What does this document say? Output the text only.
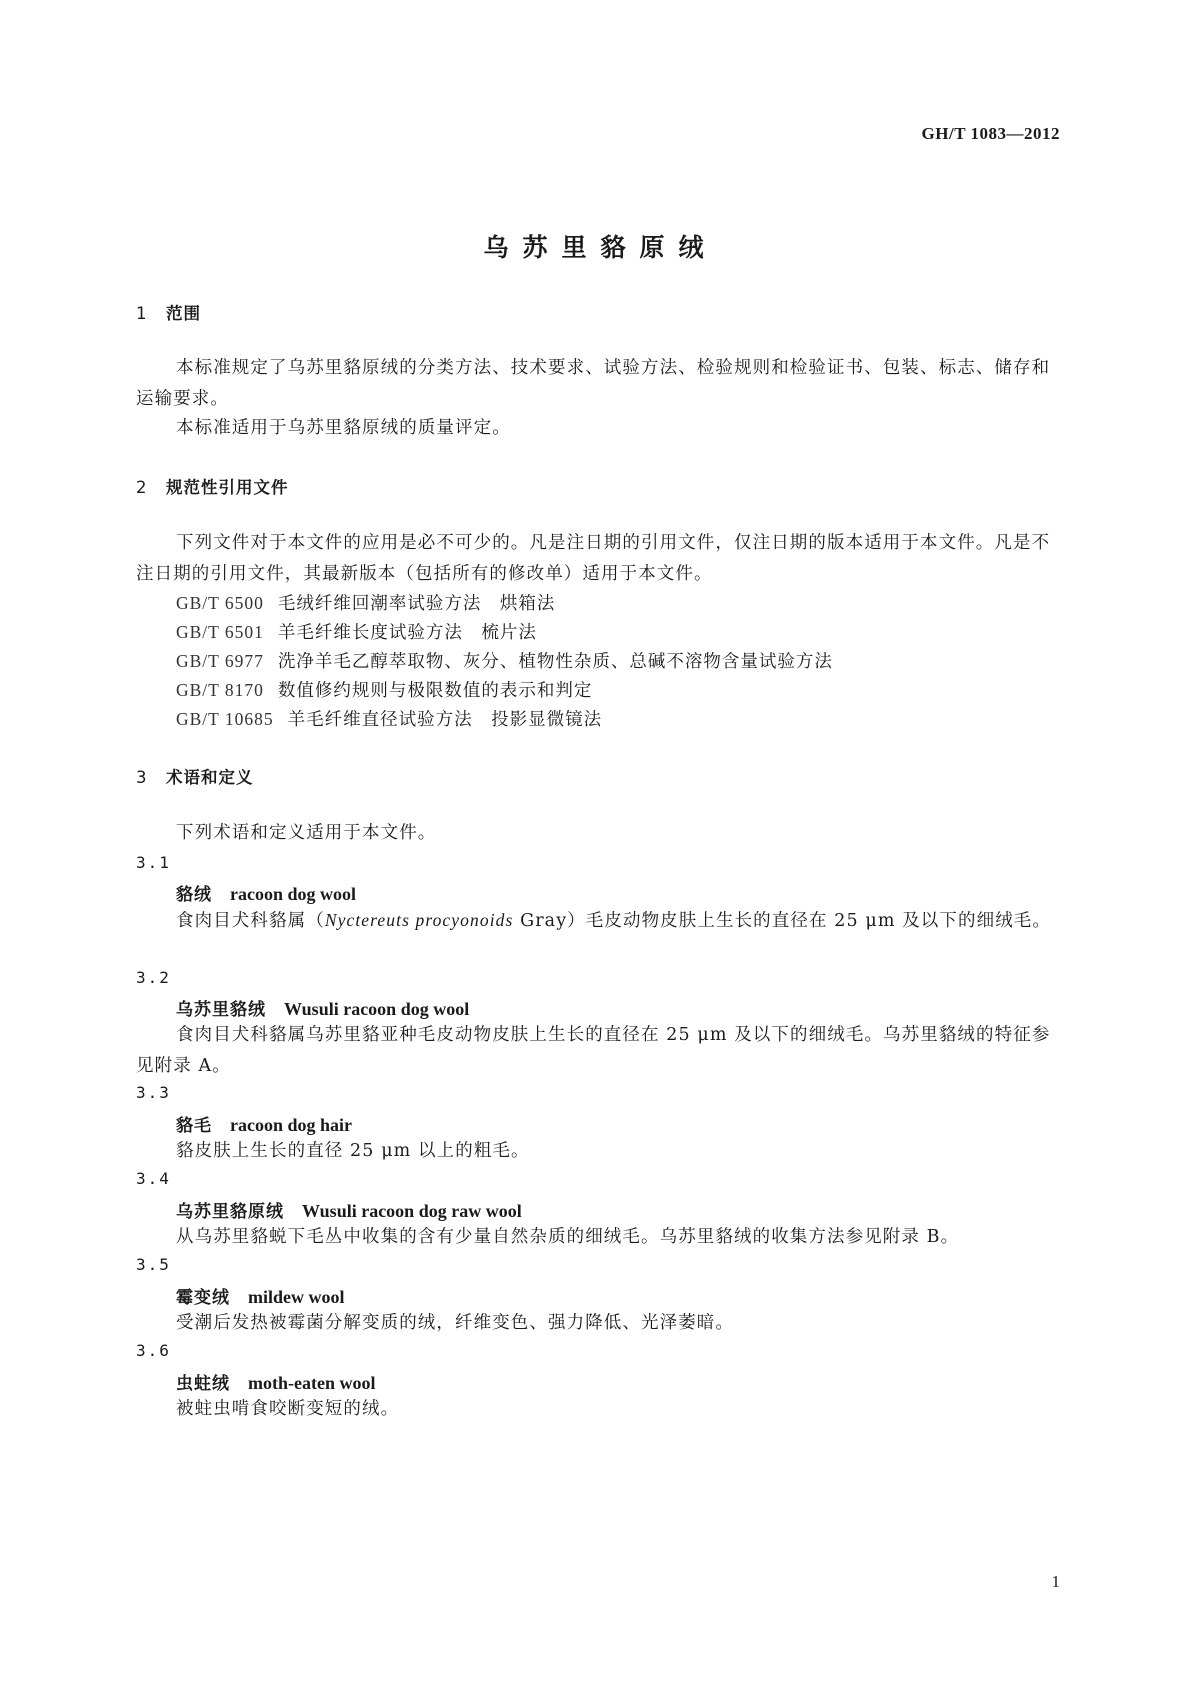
GH/T 1083—2012
乌苏里貉原绒
1 范围
本标准规定了乌苏里貉原绒的分类方法、技术要求、试验方法、检验规则和检验证书、包装、标志、储存和运输要求。
本标准适用于乌苏里貉原绒的质量评定。
2 规范性引用文件
下列文件对于本文件的应用是必不可少的。凡是注日期的引用文件，仅注日期的版本适用于本文件。凡是不注日期的引用文件，其最新版本（包括所有的修改单）适用于本文件。
GB/T 6500 毛绒纤维回潮率试验方法　烘箱法
GB/T 6501 羊毛纤维长度试验方法　梳片法
GB/T 6977 洗净羊毛乙醇萃取物、灰分、植物性杂质、总碱不溶物含量试验方法
GB/T 8170 数值修约规则与极限数值的表示和判定
GB/T 10685 羊毛纤维直径试验方法　投影显微镜法
3 术语和定义
下列术语和定义适用于本文件。
3.1
貉绒 racoon dog wool
食肉目犬科貉属（Nyctereuts procyonoids Gray）毛皮动物皮肤上生长的直径在 25 μm 及以下的细绒毛。
3.2
乌苏里貉绒 Wusuli racoon dog wool
食肉目犬科貉属乌苏里貉亚种毛皮动物皮肤上生长的直径在 25 μm 及以下的细绒毛。乌苏里貉绒的特征参见附录 A。
3.3
貉毛 racoon dog hair
貉皮肤上生长的直径 25 μm 以上的粗毛。
3.4
乌苏里貉原绒 Wusuli racoon dog raw wool
从乌苏里貉蜕下毛丛中收集的含有少量自然杂质的细绒毛。乌苏里貉绒的收集方法参见附录 B。
3.5
霉变绒 mildew wool
受潮后发热被霉菌分解变质的绒，纤维变色、强力降低、光泽萎暗。
3.6
虫蛀绒 moth-eaten wool
被蛀虫啃食咬断变短的绒。
1
